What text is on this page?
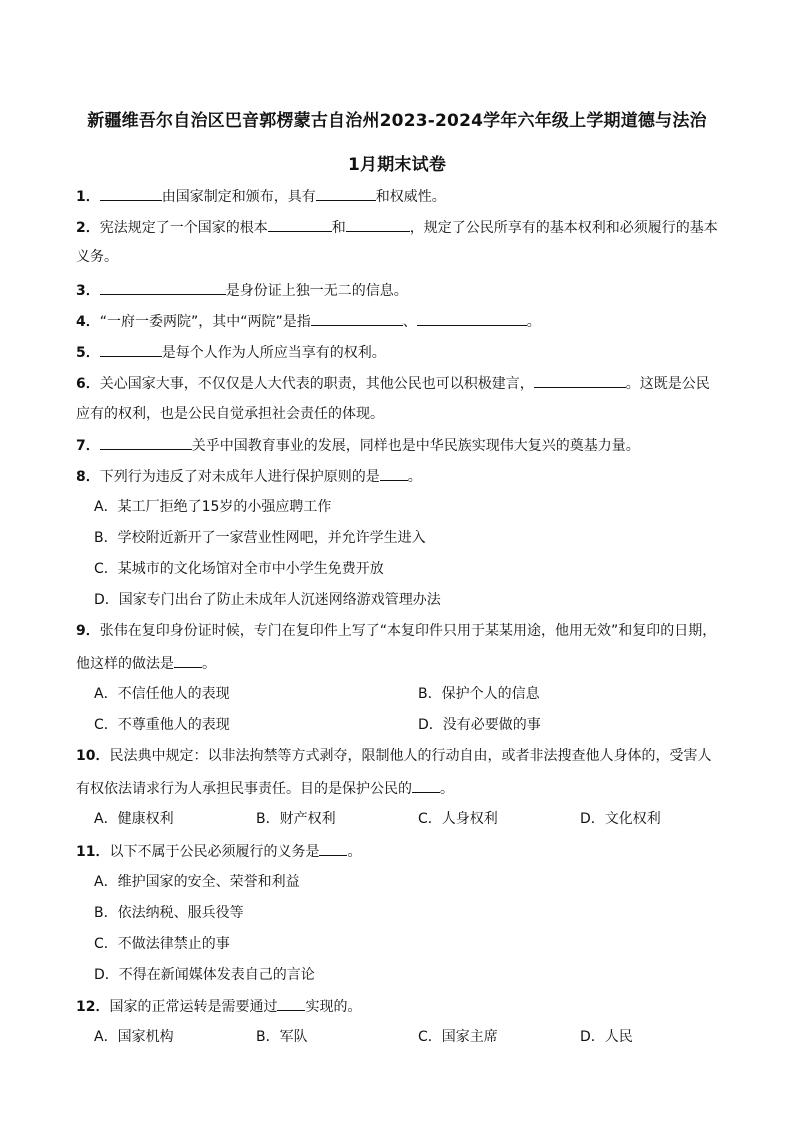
新疆维吾尔自治区巴音郭楞蒙古自治州2023-2024学年六年级上学期道德与法治
1月期末试卷
1．	由国家制定和颁布，具有	和权威性。
2．宪法规定了一个国家的根本	和	，规定了公民所享有的基本权利和必须履行的基本
义务。
3．	是身份证上独一无二的信息。
4．“一府一委两院”，其中“两院”是指	、	。
5．	是每个人作为人所应当享有的权利。
6．关心国家大事，不仅仅是人大代表的职责，其他公民也可以积极建言，	。这既是公民
应有的权利，也是公民自觉承担社会责任的体现。
7．	关乎中国教育事业的发展，同样也是中华民族实现伟大复兴的奠基力量。
8．下列行为违反了对未成年人进行保护原则的是 。
A．某工厂拒绝了15岁的小强应聘工作
B．学校附近新开了一家营业性网吧，并允许学生进入
C．某城市的文化场馆对全市中小学生免费开放
D．国家专门出台了防止未成年人沉迷网络游戏管理办法
9．张伟在复印身份证时候，专门在复印件上写了“本复印件只用于某某用途，他用无效”和复印的日期，
他这样的做法是 。
A．不信任他人的表现	B．保护个人的信息
C．不尊重他人的表现	D．没有必要做的事
10．民法典中规定：以非法拘禁等方式剥夺，限制他人的行动自由，或者非法搜查他人身体的，受害人
有权依法请求行为人承担民事责任。目的是保护公民的 。
A．健康权利	B．财产权利	C．人身权利	D．文化权利
11．以下不属于公民必须履行的义务是 。
A．维护国家的安全、荣誉和利益
B．依法纳税、服兵役等
C．不做法律禁止的事
D．不得在新闻媒体发表自己的言论
12．国家的正常运转是需要通过 实现的。
A．国家机构	B．军队	C．国家主席	D．人民
